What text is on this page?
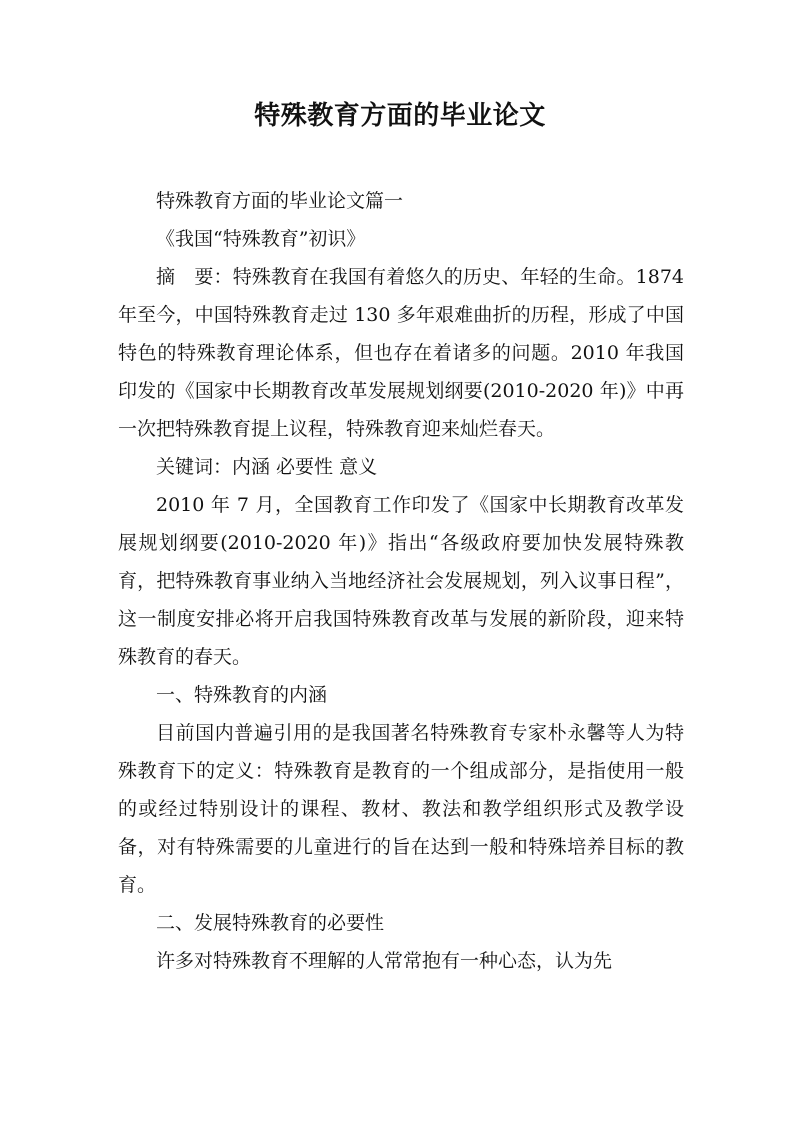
特殊教育方面的毕业论文

特殊教育方面的毕业论文篇一

《我国“特殊教育”初识》

摘　要：特殊教育在我国有着悠久的历史、年轻的生命。1874 年至今，中国特殊教育走过 130 多年艰难曲折的历程，形成了中国特色的特殊教育理论体系，但也存在着诸多的问题。2010 年我国印发的《国家中长期教育改革发展规划纲要(2010-2020 年)》中再一次把特殊教育提上议程，特殊教育迎来灿烂春天。

关键词：内涵 必要性 意义

2010 年 7 月，全国教育工作印发了《国家中长期教育改革发展规划纲要(2010-2020 年)》指出“各级政府要加快发展特殊教育，把特殊教育事业纳入当地经济社会发展规划，列入议事日程”，这一制度安排必将开启我国特殊教育改革与发展的新阶段，迎来特殊教育的春天。

一、特殊教育的内涵

目前国内普遍引用的是我国著名特殊教育专家朴永馨等人为特殊教育下的定义：特殊教育是教育的一个组成部分，是指使用一般的或经过特别设计的课程、教材、教法和教学组织形式及教学设备，对有特殊需要的儿童进行的旨在达到一般和特殊培养目标的教育。

二、发展特殊教育的必要性

许多对特殊教育不理解的人常常抱有一种心态，认为先
